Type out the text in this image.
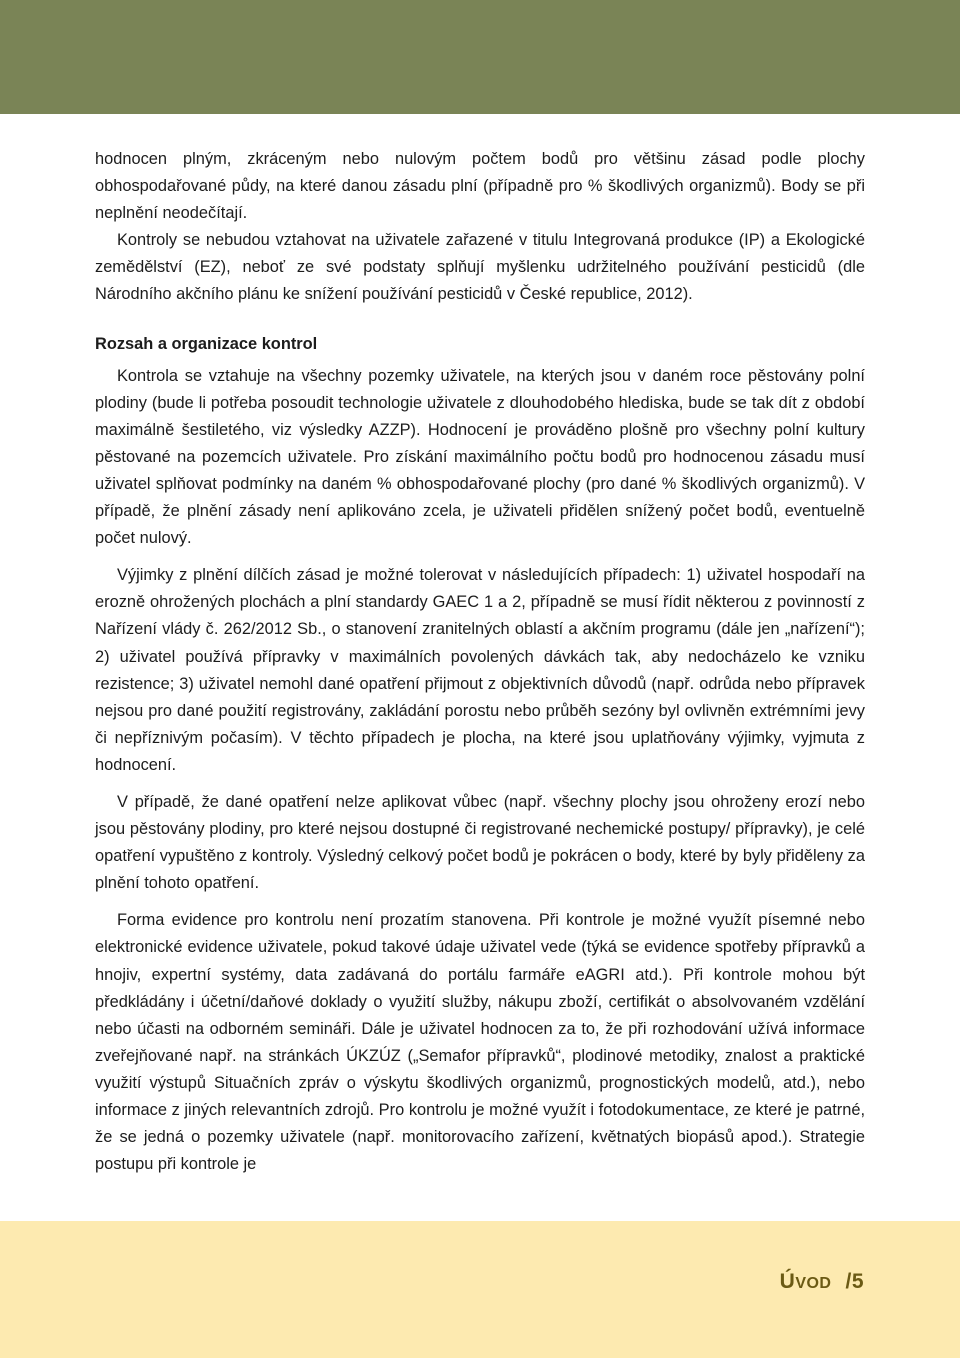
hodnocen plným, zkráceným nebo nulovým počtem bodů pro většinu zásad podle plochy obhospodařované půdy, na které danou zásadu plní (případně pro % škodlivých organizmů). Body se při neplnění neodečítají.

Kontroly se nebudou vztahovat na uživatele zařazené v titulu Integrovaná produkce (IP) a Ekologické zemědělství (EZ), neboť ze své podstaty splňují myšlenku udržitelného používání pesticidů (dle Národního akčního plánu ke snížení používání pesticidů v České republice, 2012).

Rozsah a organizace kontrol

Kontrola se vztahuje na všechny pozemky uživatele, na kterých jsou v daném roce pěstovány polní plodiny (bude li potřeba posoudit technologie uživatele z dlouhodobého hlediska, bude se tak dít z období maximálně šestiletého, viz výsledky AZZP). Hodnocení je prováděno plošně pro všechny polní kultury pěstované na pozemcích uživatele. Pro získání maximálního počtu bodů pro hodnocenou zásadu musí uživatel splňovat podmínky na daném % obhospodařované plochy (pro dané % škodlivých organizmů). V případě, že plnění zásady není aplikováno zcela, je uživateli přidělen snížený počet bodů, eventuelně počet nulový.

Výjimky z plnění dílčích zásad je možné tolerovat v následujících případech: 1) uživatel hospodaří na erozně ohrožených plochách a plní standardy GAEC 1 a 2, případně se musí řídit některou z povinností z Nařízení vlády č. 262/2012 Sb., o stanovení zranitelných oblastí a akčním programu (dále jen „nařízení“); 2) uživatel používá přípravky v maximálních povolených dávkách tak, aby nedocházelo ke vzniku rezistence; 3) uživatel nemohl dané opatření přijmout z objektivních důvodů (např. odrůda nebo přípravek nejsou pro dané použití registrovány, zakládání porostu nebo průběh sezóny byl ovlivněn extrémními jevy či nepříznivým počasím). V těchto případech je plocha, na které jsou uplatňovány výjimky, vyjmuta z hodnocení.

V případě, že dané opatření nelze aplikovat vůbec (např. všechny plochy jsou ohroženy erozí nebo jsou pěstovány plodiny, pro které nejsou dostupné či registrované nechemické postupy/ přípravky), je celé opatření vypuštěno z kontroly. Výsledný celkový počet bodů je pokrácen o body, které by byly přiděleny za plnění tohoto opatření.

Forma evidence pro kontrolu není prozatím stanovena. Při kontrole je možné využít písemné nebo elektronické evidence uživatele, pokud takové údaje uživatel vede (týká se evidence spotřeby přípravků a hnojiv, expertní systémy, data zadávaná do portálu farmáře eAGRI atd.). Při kontrole mohou být předkládány i účetní/daňové doklady o využití služby, nákupu zboží, certifikát o absolvovaném vzdělání nebo účasti na odborném semináři. Dále je uživatel hodnocen za to, že při rozhodování užívá informace zveřejňované např. na stránkách ÚKZÚZ („Semafor přípravků“, plodinové metodiky, znalost a praktické využití výstupů Situačních zpráv o výskytu škodlivých organizmů, prognostických modelů, atd.), nebo informace z jiných relevantních zdrojů. Pro kontrolu je možné využít i fotodokumentace, ze které je patrné, že se jedná o pozemky uživatele (např. monitorovacího zařízení, květnatých biopásů apod.). Strategie postupu při kontrole je

ÚVOD /5
